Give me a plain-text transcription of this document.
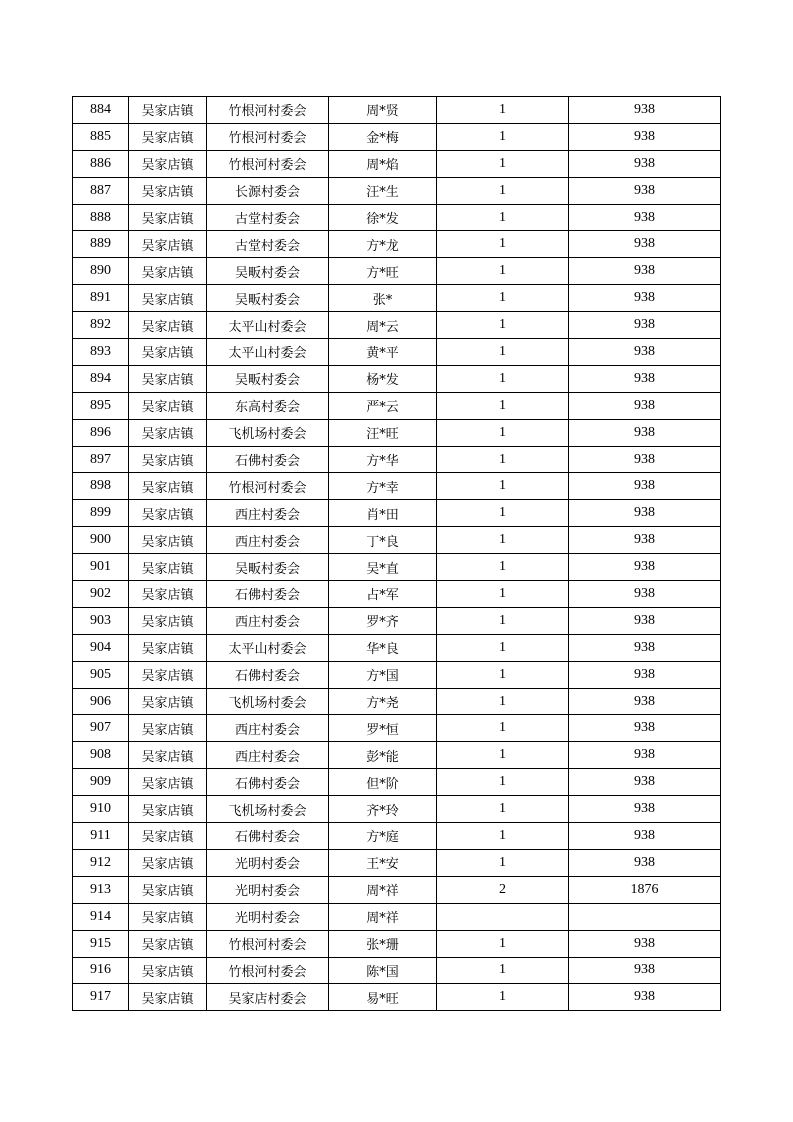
884	吴家店镇	竹根河村委会	周*贤	1	938
885	吴家店镇	竹根河村委会	金*梅	1	938
886	吴家店镇	竹根河村委会	周*焰	1	938
887	吴家店镇	长源村委会	汪*生	1	938
888	吴家店镇	古堂村委会	徐*发	1	938
889	吴家店镇	古堂村委会	方*龙	1	938
890	吴家店镇	吴畈村委会	方*旺	1	938
891	吴家店镇	吴畈村委会	张*	1	938
892	吴家店镇	太平山村委会	周*云	1	938
893	吴家店镇	太平山村委会	黄*平	1	938
894	吴家店镇	吴畈村委会	杨*发	1	938
895	吴家店镇	东高村委会	严*云	1	938
896	吴家店镇	飞机场村委会	汪*旺	1	938
897	吴家店镇	石佛村委会	方*华	1	938
898	吴家店镇	竹根河村委会	方*幸	1	938
899	吴家店镇	西庄村委会	肖*田	1	938
900	吴家店镇	西庄村委会	丁*良	1	938
901	吴家店镇	吴畈村委会	吴*直	1	938
902	吴家店镇	石佛村委会	占*军	1	938
903	吴家店镇	西庄村委会	罗*齐	1	938
904	吴家店镇	太平山村委会	华*良	1	938
905	吴家店镇	石佛村委会	方*国	1	938
906	吴家店镇	飞机场村委会	方*尧	1	938
907	吴家店镇	西庄村委会	罗*恒	1	938
908	吴家店镇	西庄村委会	彭*能	1	938
909	吴家店镇	石佛村委会	但*阶	1	938
910	吴家店镇	飞机场村委会	齐*玲	1	938
911	吴家店镇	石佛村委会	方*庭	1	938
912	吴家店镇	光明村委会	王*安	1	938
913	吴家店镇	光明村委会	周*祥	2	1876
914	吴家店镇	光明村委会	周*祥		
915	吴家店镇	竹根河村委会	张*珊	1	938
916	吴家店镇	竹根河村委会	陈*国	1	938
917	吴家店镇	吴家店村委会	易*旺	1	938
